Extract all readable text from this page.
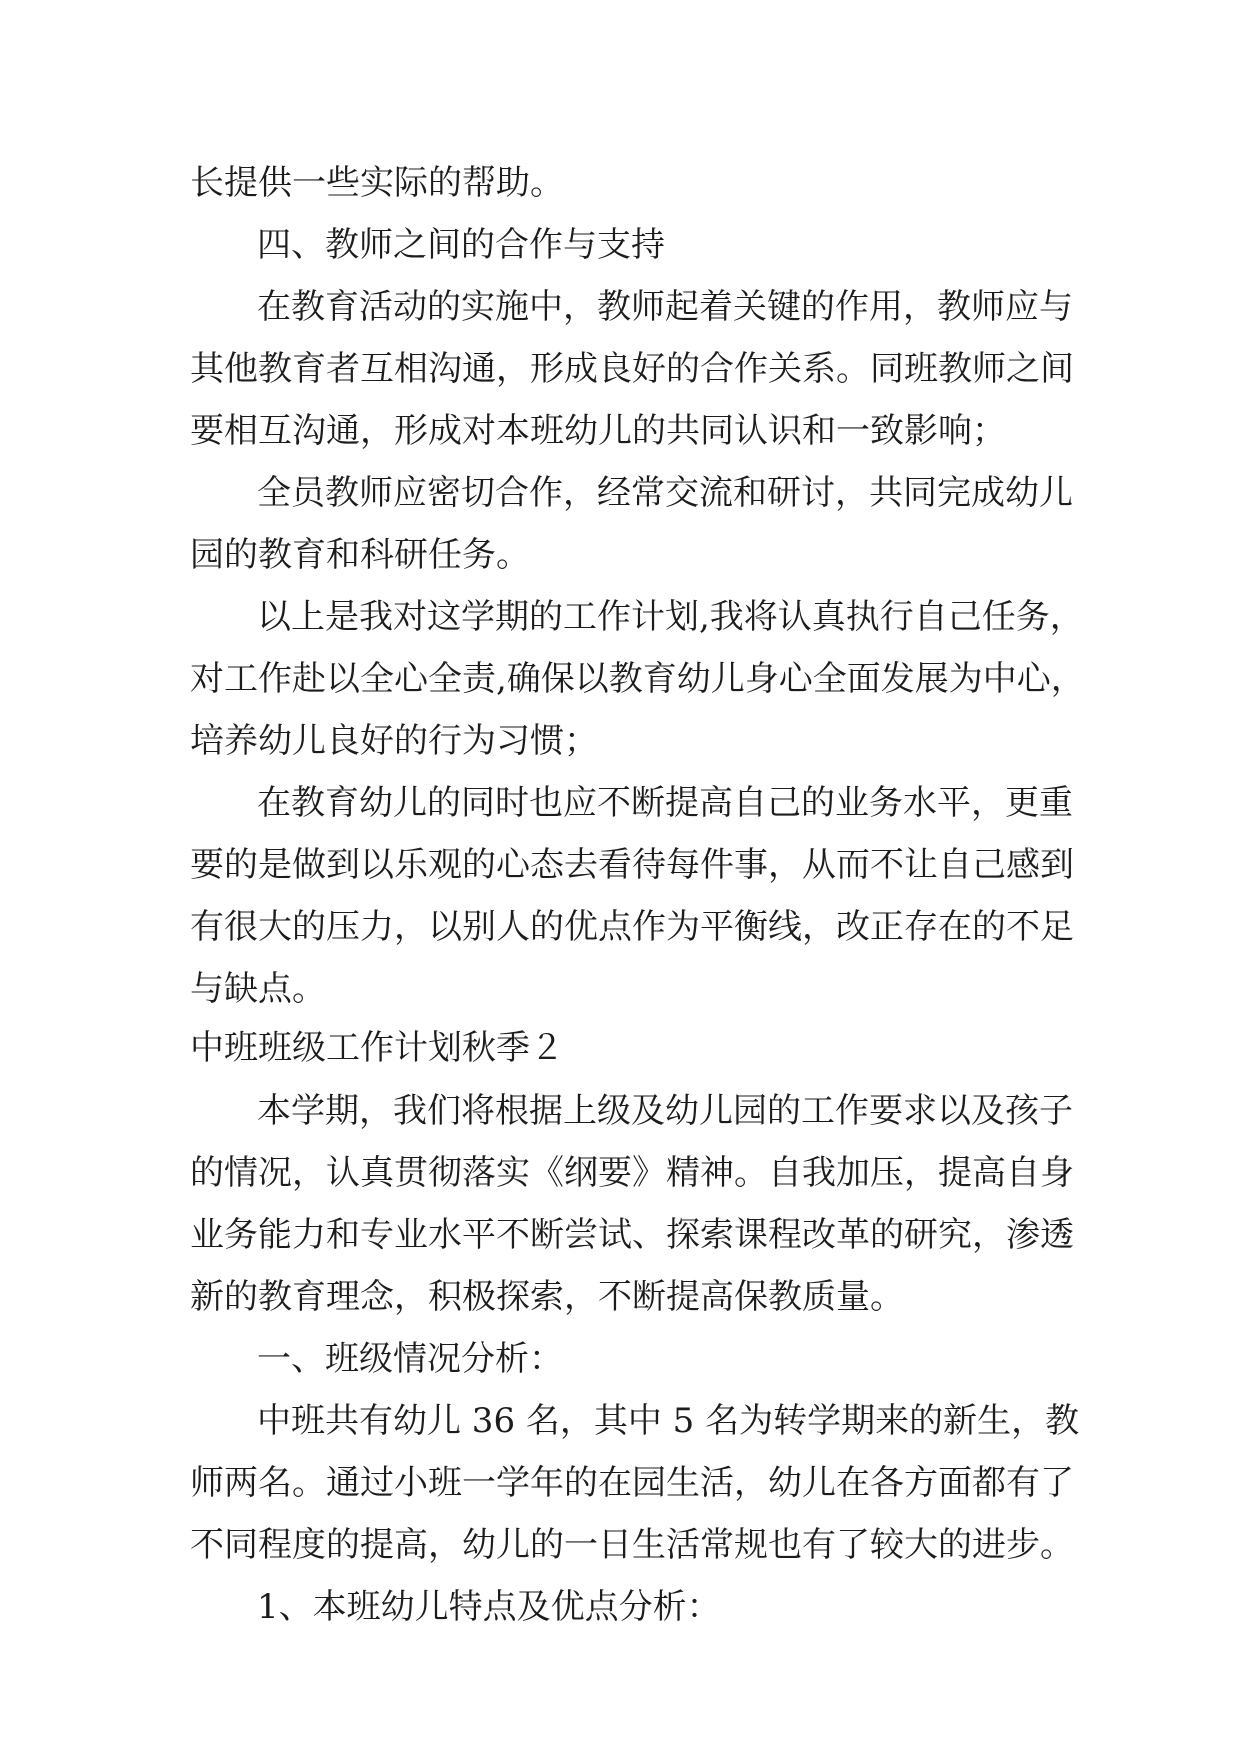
长提供一些实际的帮助。
四、教师之间的合作与支持
在教育活动的实施中，教师起着关键的作用，教师应与
其他教育者互相沟通，形成良好的合作关系。同班教师之间
要相互沟通，形成对本班幼儿的共同认识和一致影响；
全员教师应密切合作，经常交流和研讨，共同完成幼儿
园的教育和科研任务。
以上是我对这学期的工作计划,我将认真执行自己任务，
对工作赴以全心全责,确保以教育幼儿身心全面发展为中心，
培养幼儿良好的行为习惯；
在教育幼儿的同时也应不断提高自己的业务水平，更重
要的是做到以乐观的心态去看待每件事，从而不让自己感到
有很大的压力，以别人的优点作为平衡线，改正存在的不足
与缺点。
中班班级工作计划秋季２
本学期，我们将根据上级及幼儿园的工作要求以及孩子
的情况，认真贯彻落实《纲要》精神。自我加压，提高自身
业务能力和专业水平不断尝试、探索课程改革的研究，渗透
新的教育理念，积极探索，不断提高保教质量。
一、班级情况分析：
中班共有幼儿 36 名，其中 5 名为转学期来的新生，教
师两名。通过小班一学年的在园生活，幼儿在各方面都有了
不同程度的提高，幼儿的一日生活常规也有了较大的进步。
1、本班幼儿特点及优点分析：
